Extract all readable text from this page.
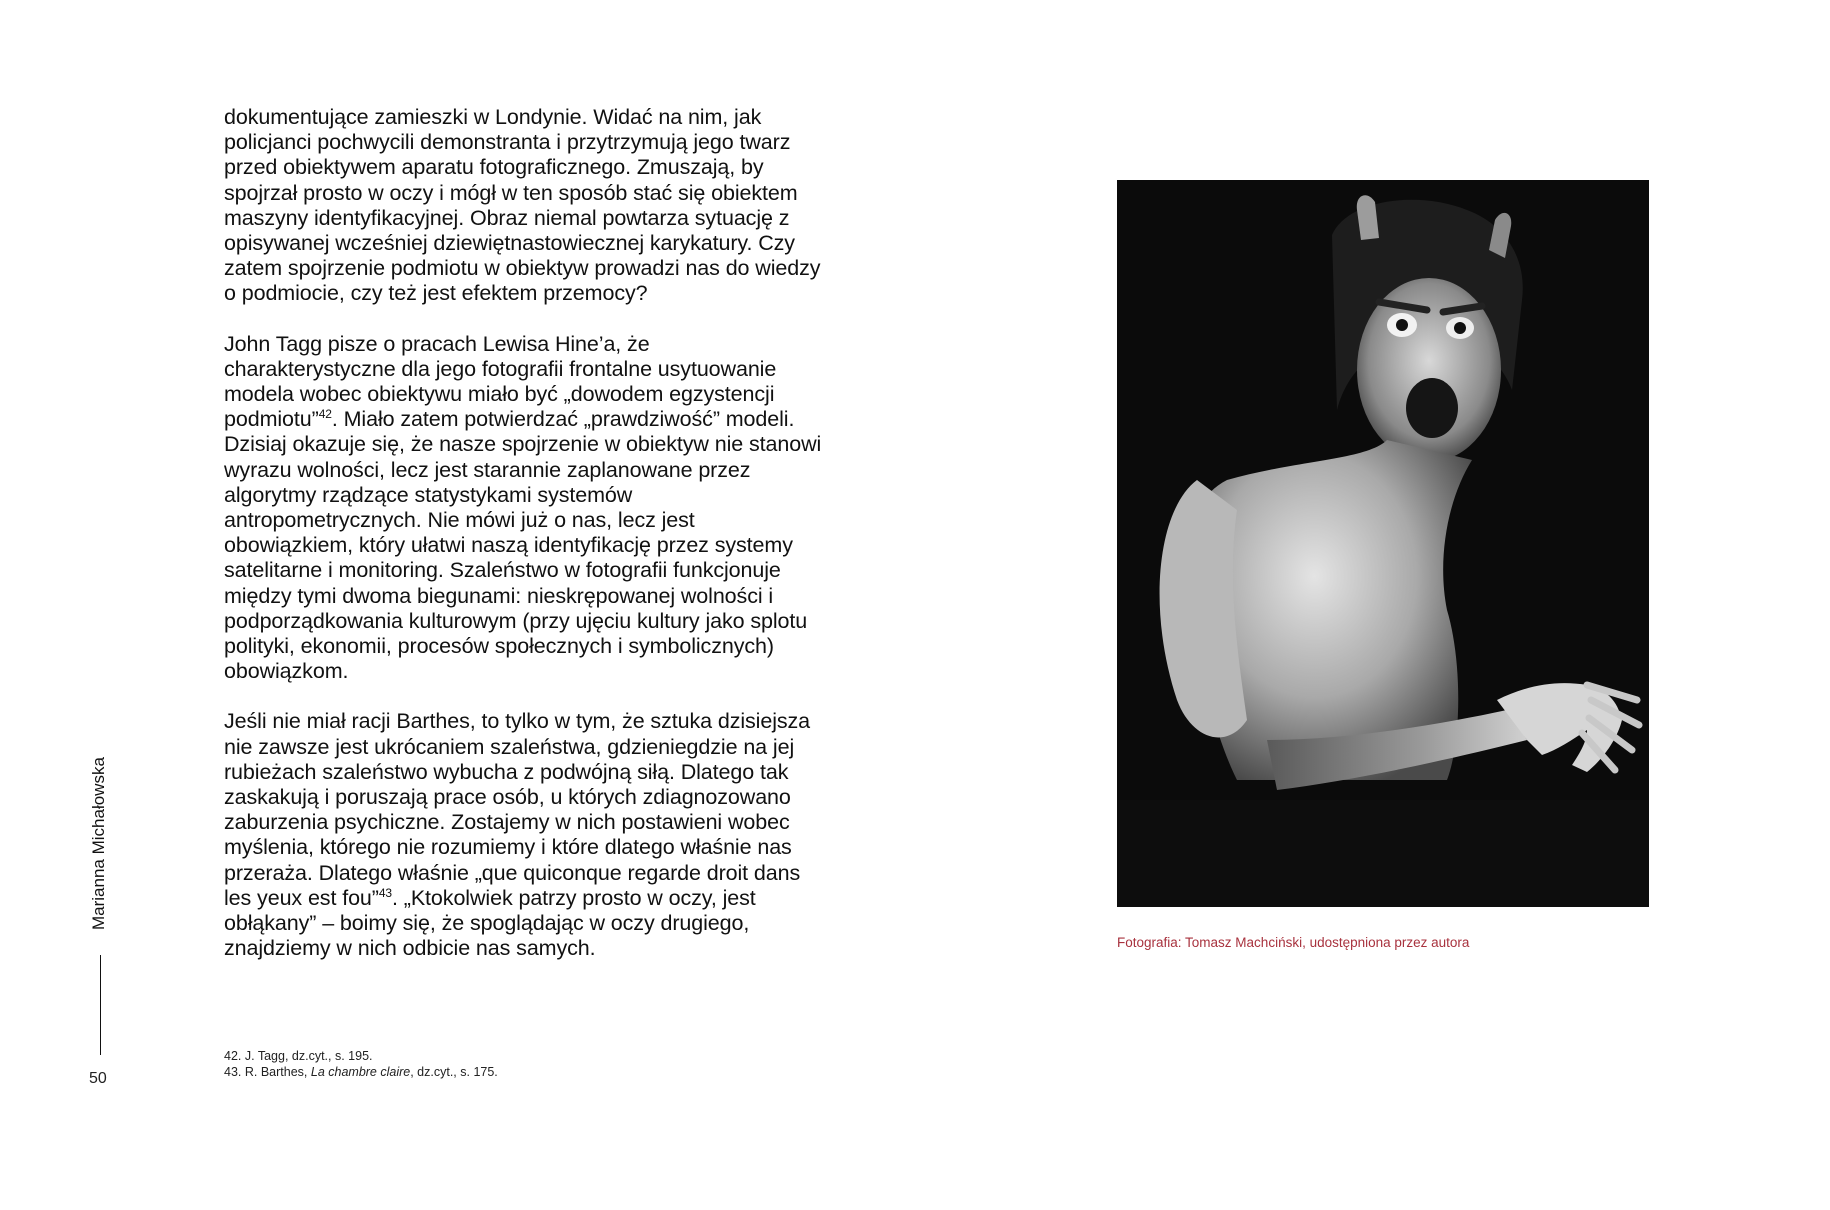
dokumentujące zamieszki w Londynie. Widać na nim, jak policjanci pochwycili demonstranta i przytrzymują jego twarz przed obiektywem aparatu fotograficznego. Zmuszają, by spojrzał prosto w oczy i mógł w ten sposób stać się obiektem maszyny identyfikacyjnej. Obraz niemal powtarza sytuację z opisywanej wcześniej dziewiętnastowiecznej karykatury. Czy zatem spojrzenie podmiotu w obiektyw prowadzi nas do wiedzy o podmiocie, czy też jest efektem przemocy?

John Tagg pisze o pracach Lewisa Hine’a, że charakterystyczne dla jego fotografii frontalne usytuowanie modela wobec obiektywu miało być „dowodem egzystencji podmiotu”$^{42}$. Miało zatem potwierdzać „prawdziwość” modeli. Dzisiaj okazuje się, że nasze spojrzenie w obiektyw nie stanowi wyrazu wolności, lecz jest starannie zaplanowane przez algorytmy rządzące statystykami systemów antropometrycznych. Nie mówi już o nas, lecz jest obowiązkiem, który ułatwi naszą identyfikację przez systemy satelitarne i monitoring. Szaleństwo w fotografii funkcjonuje między tymi dwoma biegunami: nieskrępowanej wolności i podporządkowania kulturowym (przy ujęciu kultury jako splotu polityki, ekonomii, procesów społecznych i symbolicznych) obowiązkom.

Jeśli nie miał racji Barthes, to tylko w tym, że sztuka dzisiejsza nie zawsze jest ukrócaniem szaleństwa, gdzieniegdzie na jej rubieżach szaleństwo wybucha z podwójną siłą. Dlatego tak zaskakują i poruszają prace osób, u których zdiagnozowano zaburzenia psychiczne. Zostajemy w nich postawieni wobec myślenia, którego nie rozumiemy i które dlatego właśnie nas przeraża. Dlatego właśnie „que quiconque regarde droit dans les yeux est fou”$^{43}$. „Ktokolwiek patrzy prosto w oczy, jest obłąkany” – boimy się, że spoglądając w oczy drugiego, znajdziemy w nich odbicie nas samych.

Marianna Michałowska
50
42. J. Tagg, dz.cyt., s. 195.
43. R. Barthes, La chambre claire, dz.cyt., s. 175.
Fotografia: Tomasz Machciński, udostępniona przez autora
